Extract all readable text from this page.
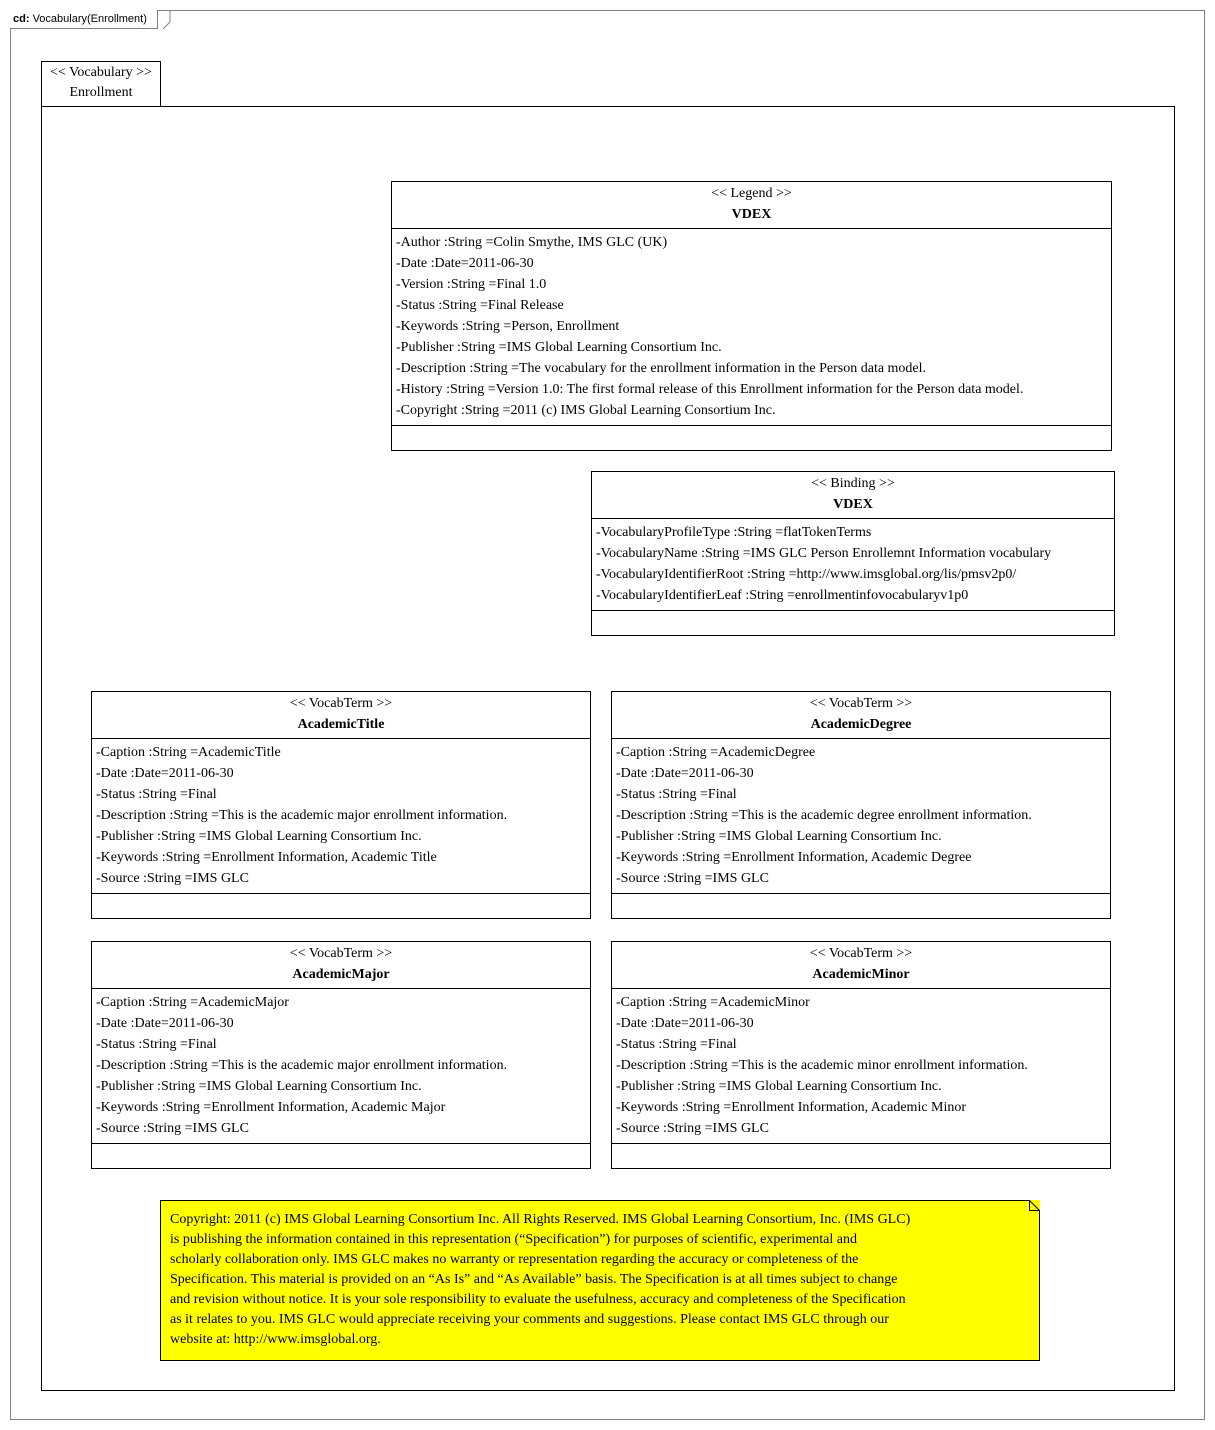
cd: Vocabulary(Enrollment)
<< Vocabulary >>
Enrollment
<< Legend >>
VDEX
-Author :String =Colin Smythe, IMS GLC (UK)
-Date :Date=2011-06-30
-Version :String =Final 1.0
-Status :String =Final Release
-Keywords :String =Person, Enrollment
-Publisher :String =IMS Global Learning Consortium Inc.
-Description :String =The vocabulary for the enrollment information in the Person data model.
-History :String =Version 1.0: The first formal release of this Enrollment information for the Person data model.
-Copyright :String =2011 (c) IMS Global Learning Consortium Inc.
<< Binding >>
VDEX
-VocabularyProfileType :String =flatTokenTerms
-VocabularyName :String =IMS GLC Person Enrollemnt Information vocabulary
-VocabularyIdentifierRoot :String =http://www.imsglobal.org/lis/pmsv2p0/
-VocabularyIdentifierLeaf :String =enrollmentinfovocabularyv1p0
<< VocabTerm >>
AcademicTitle
-Caption :String =AcademicTitle
-Date :Date=2011-06-30
-Status :String =Final
-Description :String =This is the academic major enrollment information.
-Publisher :String =IMS Global Learning Consortium Inc.
-Keywords :String =Enrollment Information, Academic Title
-Source :String =IMS GLC
<< VocabTerm >>
AcademicDegree
-Caption :String =AcademicDegree
-Date :Date=2011-06-30
-Status :String =Final
-Description :String =This is the academic degree enrollment information.
-Publisher :String =IMS Global Learning Consortium Inc.
-Keywords :String =Enrollment Information, Academic Degree
-Source :String =IMS GLC
<< VocabTerm >>
AcademicMajor
-Caption :String =AcademicMajor
-Date :Date=2011-06-30
-Status :String =Final
-Description :String =This is the academic major enrollment information.
-Publisher :String =IMS Global Learning Consortium Inc.
-Keywords :String =Enrollment Information, Academic Major
-Source :String =IMS GLC
<< VocabTerm >>
AcademicMinor
-Caption :String =AcademicMinor
-Date :Date=2011-06-30
-Status :String =Final
-Description :String =This is the academic minor enrollment information.
-Publisher :String =IMS Global Learning Consortium Inc.
-Keywords :String =Enrollment Information, Academic Minor
-Source :String =IMS GLC
Copyright: 2011 (c) IMS Global Learning Consortium Inc. All Rights Reserved. IMS Global Learning Consortium, Inc. (IMS GLC)
is publishing the information contained in this representation (“Specification”) for purposes of scientific, experimental and
scholarly collaboration only. IMS GLC makes no warranty or representation regarding the accuracy or completeness of the
Specification. This material is provided on an “As Is” and “As Available” basis. The Specification is at all times subject to change
and revision without notice. It is your sole responsibility to evaluate the usefulness, accuracy and completeness of the Specification
as it relates to you. IMS GLC would appreciate receiving your comments and suggestions. Please contact IMS GLC through our
website at: http://www.imsglobal.org.
